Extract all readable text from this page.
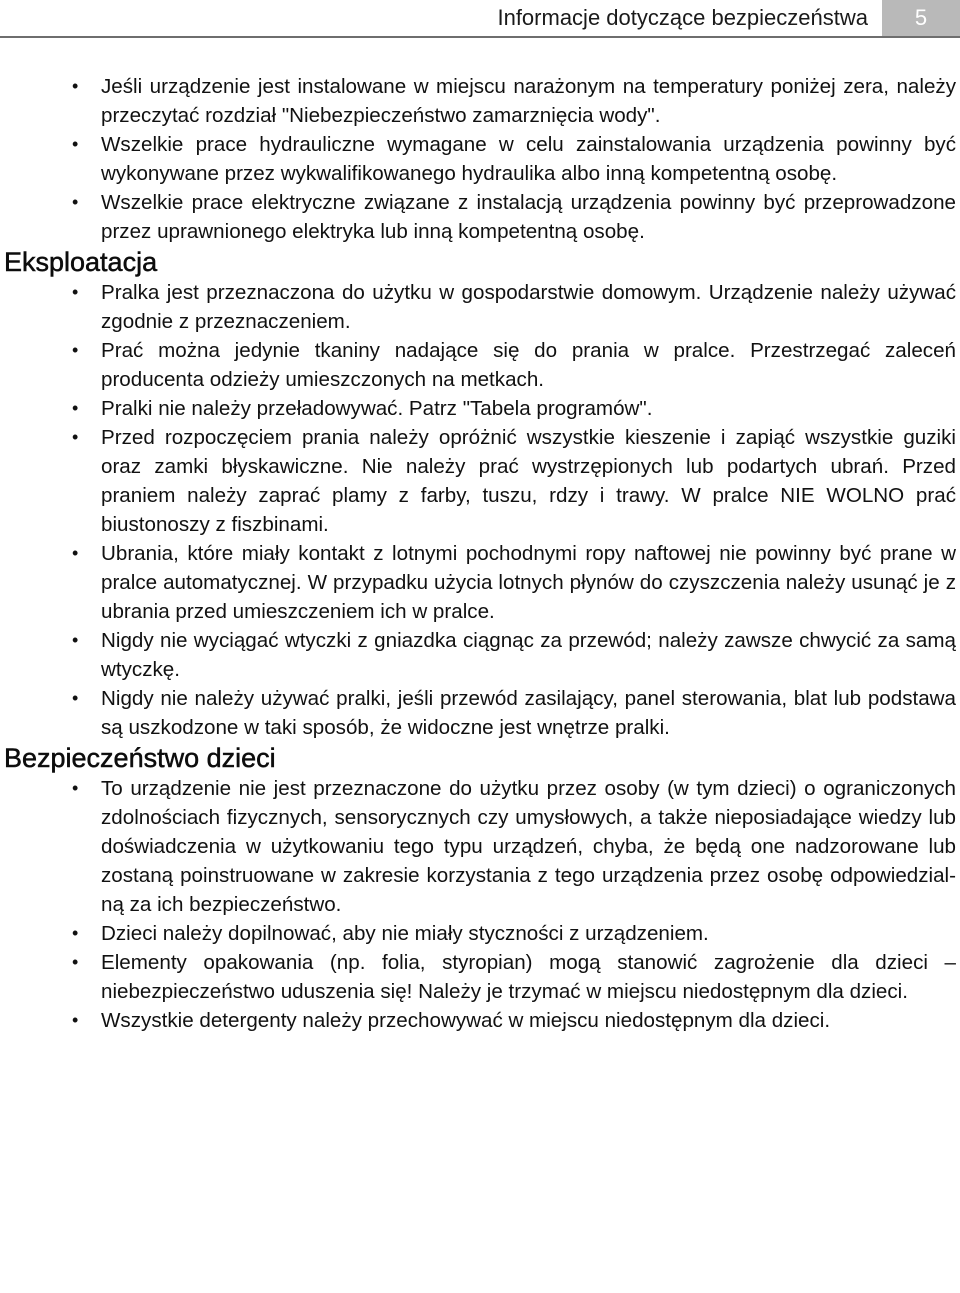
Informacje dotyczące bezpieczeństwa	5
• Jeśli urządzenie jest instalowane w miejscu narażonym na temperatury poniżej zera, należy przeczytać rozdział "Niebezpieczeństwo zamarznięcia wody".
• Wszelkie prace hydrauliczne wymagane w celu zainstalowania urządzenia powinny być wykonywane przez wykwalifikowanego hydraulika albo inną kompetentną osobę.
• Wszelkie prace elektryczne związane z instalacją urządzenia powinny być przeprowadzone przez uprawnionego elektryka lub inną kompetentną osobę.
Eksploatacja
• Pralka jest przeznaczona do użytku w gospodarstwie domowym. Urządzenie należy używać zgodnie z przeznaczeniem.
• Prać można jedynie tkaniny nadające się do prania w pralce. Przestrzegać zaleceń producenta odzieży umieszczonych na metkach.
• Pralki nie należy przeładowywać. Patrz "Tabela programów".
• Przed rozpoczęciem prania należy opróżnić wszystkie kieszenie i zapiąć wszystkie guziki oraz zamki błyskawiczne. Nie należy prać wystrzępionych lub podartych ubrań. Przed praniem należy zaprać plamy z farby, tuszu, rdzy i trawy. W pralce NIE WOLNO prać biustonoszy z fiszbinami.
• Ubrania, które miały kontakt z lotnymi pochodnymi ropy naftowej nie powinny być prane w pralce automatycznej. W przypadku użycia lotnych płynów do czyszczenia należy usunąć je z ubrania przed umieszczeniem ich w pralce.
• Nigdy nie wyciągać wtyczki z gniazdka ciągnąc za przewód; należy zawsze chwycić za samą wtyczkę.
• Nigdy nie należy używać pralki, jeśli przewód zasilający, panel sterowania, blat lub podstawa są uszkodzone w taki sposób, że widoczne jest wnętrze pralki.
Bezpieczeństwo dzieci
• To urządzenie nie jest przeznaczone do użytku przez osoby (w tym dzieci) o ograniczonych zdolnościach fizycznych, sensorycznych czy umysłowych, a także nieposiadające wiedzy lub doświadczenia w użytkowaniu tego typu urządzeń, chyba, że będą one nadzorowane lub zostaną poinstruowane w zakresie korzystania z tego urządzenia przez osobę odpowiedzialną za ich bezpieczeństwo.
• Dzieci należy dopilnować, aby nie miały styczności z urządzeniem.
• Elementy opakowania (np. folia, styropian) mogą stanowić zagrożenie dla dzieci – niebezpieczeństwo uduszenia się! Należy je trzymać w miejscu niedostępnym dla dzieci.
• Wszystkie detergenty należy przechowywać w miejscu niedostępnym dla dzieci.
